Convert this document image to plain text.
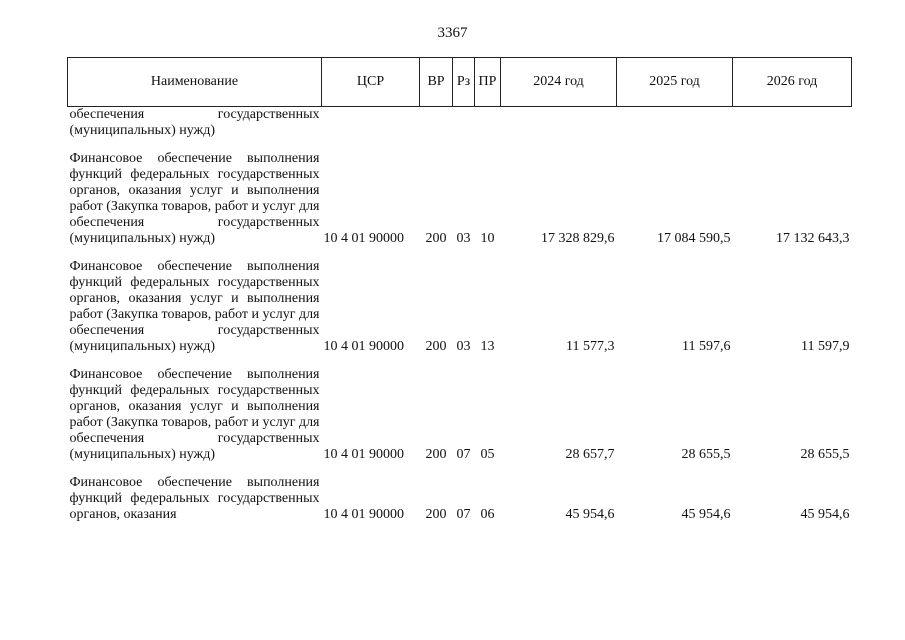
3367
Наименование	ЦСР	ВР	Рз	ПР	2024 год	2025 год	2026 год
обеспечения государственных (муниципальных) нужд)							
Финансовое обеспечение выполнения функций федеральных государственных органов, оказания услуг и выполнения работ (Закупка товаров, работ и услуг для обеспечения государственных (муниципальных) нужд)	10 4 01 90000	200	03	10	17 328 829,6	17 084 590,5	17 132 643,3
Финансовое обеспечение выполнения функций федеральных государственных органов, оказания услуг и выполнения работ (Закупка товаров, работ и услуг для обеспечения государственных (муниципальных) нужд)	10 4 01 90000	200	03	13	11 577,3	11 597,6	11 597,9
Финансовое обеспечение выполнения функций федеральных государственных органов, оказания услуг и выполнения работ (Закупка товаров, работ и услуг для обеспечения государственных (муниципальных) нужд)	10 4 01 90000	200	07	05	28 657,7	28 655,5	28 655,5
Финансовое обеспечение выполнения функций федеральных государственных органов, оказания	10 4 01 90000	200	07	06	45 954,6	45 954,6	45 954,6
